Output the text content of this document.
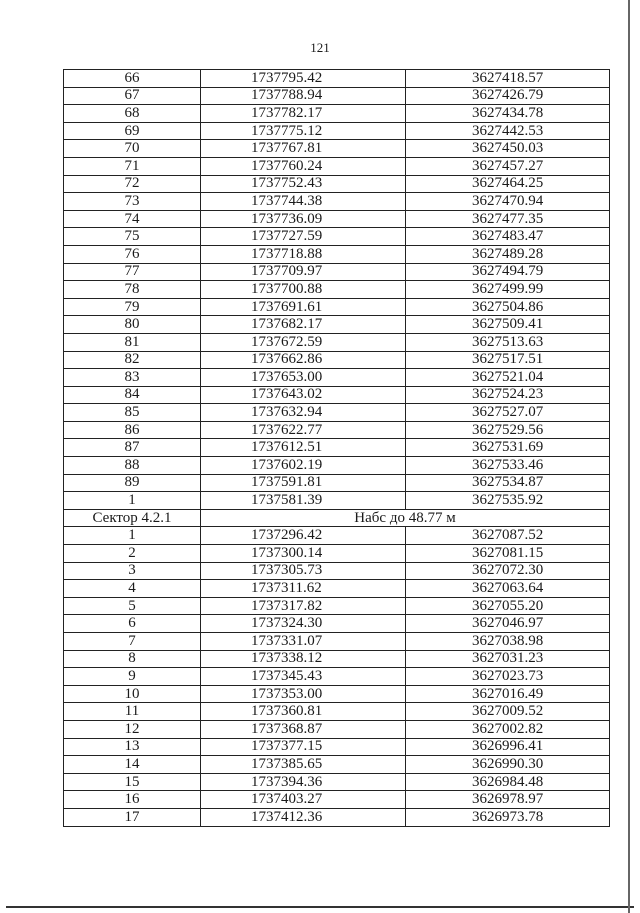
121
66	1737795.42	3627418.57
67	1737788.94	3627426.79
68	1737782.17	3627434.78
69	1737775.12	3627442.53
70	1737767.81	3627450.03
71	1737760.24	3627457.27
72	1737752.43	3627464.25
73	1737744.38	3627470.94
74	1737736.09	3627477.35
75	1737727.59	3627483.47
76	1737718.88	3627489.28
77	1737709.97	3627494.79
78	1737700.88	3627499.99
79	1737691.61	3627504.86
80	1737682.17	3627509.41
81	1737672.59	3627513.63
82	1737662.86	3627517.51
83	1737653.00	3627521.04
84	1737643.02	3627524.23
85	1737632.94	3627527.07
86	1737622.77	3627529.56
87	1737612.51	3627531.69
88	1737602.19	3627533.46
89	1737591.81	3627534.87
1	1737581.39	3627535.92
Сектор 4.2.1	Набс до 48.77 м	
1	1737296.42	3627087.52
2	1737300.14	3627081.15
3	1737305.73	3627072.30
4	1737311.62	3627063.64
5	1737317.82	3627055.20
6	1737324.30	3627046.97
7	1737331.07	3627038.98
8	1737338.12	3627031.23
9	1737345.43	3627023.73
10	1737353.00	3627016.49
11	1737360.81	3627009.52
12	1737368.87	3627002.82
13	1737377.15	3626996.41
14	1737385.65	3626990.30
15	1737394.36	3626984.48
16	1737403.27	3626978.97
17	1737412.36	3626973.78
